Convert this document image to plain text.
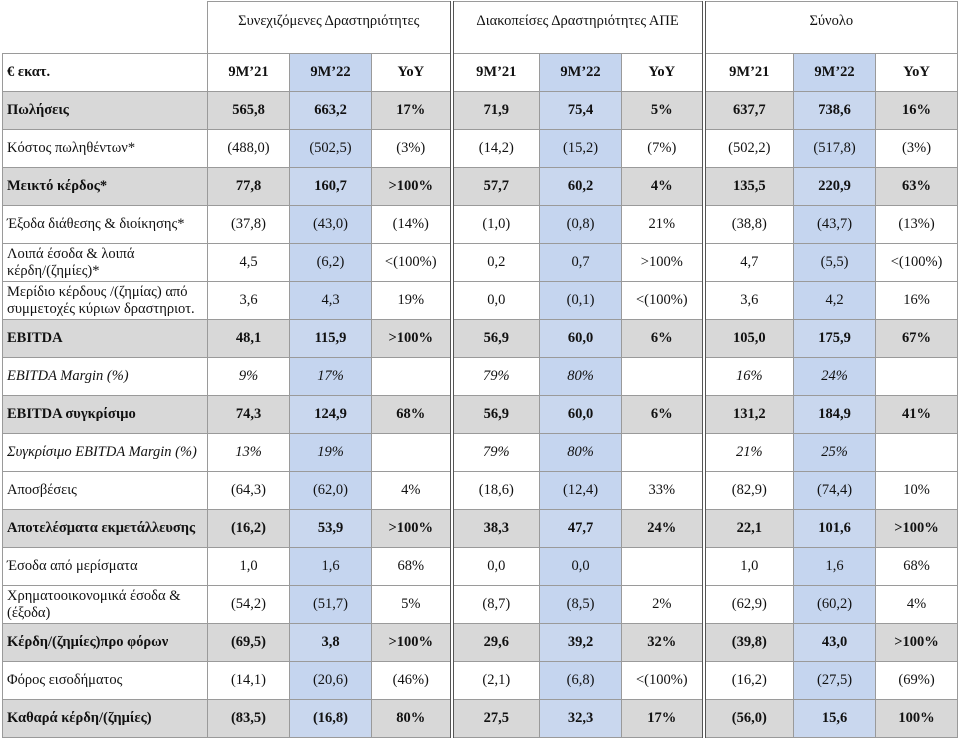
	Συνεχιζόμενες Δραστηριότητες			Διακοπείσες Δραστηριότητες ΑΠΕ			Σύνολο		
€ εκατ.	9M’21	9M’22	YoY	9M’21	9M’22	YoY	9M’21	9M’22	YoY
Πωλήσεις	565,8	663,2	17%	71,9	75,4	5%	637,7	738,6	16%
Κόστος πωληθέντων*	(488,0)	(502,5)	(3%)	(14,2)	(15,2)	(7%)	(502,2)	(517,8)	(3%)
Μεικτό κέρδος*	77,8	160,7	>100%	57,7	60,2	4%	135,5	220,9	63%
Έξοδα διάθεσης & διοίκησης*	(37,8)	(43,0)	(14%)	(1,0)	(0,8)	21%	(38,8)	(43,7)	(13%)
Λοιπά έσοδα & λοιπά κέρδη/(ζημίες)*	4,5	(6,2)	<(100%)	0,2	0,7	>100%	4,7	(5,5)	<(100%)
Μερίδιο κέρδους /(ζημίας) από συμμετοχές κύριων δραστηριοτ.	3,6	4,3	19%	0,0	(0,1)	<(100%)	3,6	4,2	16%
EBITDA	48,1	115,9	>100%	56,9	60,0	6%	105,0	175,9	67%
EBITDA Margin (%)	9%	17%		79%	80%		16%	24%	
EBITDA συγκρίσιμο	74,3	124,9	68%	56,9	60,0	6%	131,2	184,9	41%
Συγκρίσιμο EBITDA Margin (%)	13%	19%		79%	80%		21%	25%	
Αποσβέσεις	(64,3)	(62,0)	4%	(18,6)	(12,4)	33%	(82,9)	(74,4)	10%
Αποτελέσματα εκμετάλλευσης	(16,2)	53,9	>100%	38,3	47,7	24%	22,1	101,6	>100%
Έσοδα από μερίσματα	1,0	1,6	68%	0,0	0,0		1,0	1,6	68%
Χρηματοοικονομικά έσοδα & (έξοδα)	(54,2)	(51,7)	5%	(8,7)	(8,5)	2%	(62,9)	(60,2)	4%
Κέρδη/(ζημίες)προ φόρων	(69,5)	3,8	>100%	29,6	39,2	32%	(39,8)	43,0	>100%
Φόρος εισοδήματος	(14,1)	(20,6)	(46%)	(2,1)	(6,8)	<(100%)	(16,2)	(27,5)	(69%)
Καθαρά κέρδη/(ζημίες)	(83,5)	(16,8)	80%	27,5	32,3	17%	(56,0)	15,6	100%
